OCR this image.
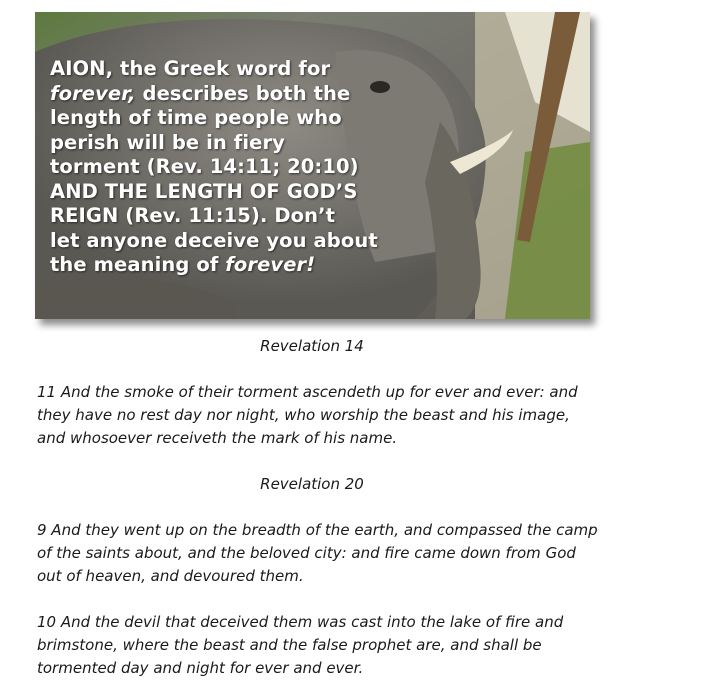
AION, the Greek word for
forever, describes both the
length of time people who
perish will be in fiery
torment (Rev. 14:11; 20:10)
AND THE LENGTH OF GOD’S
REIGN (Rev. 11:15). Don’t
let anyone deceive you about
the meaning of forever!
Revelation 14
11 And the smoke of their torment ascendeth up for ever and ever: and
they have no rest day nor night, who worship the beast and his image,
and whosoever receiveth the mark of his name.
Revelation 20
9 And they went up on the breadth of the earth, and compassed the camp
of the saints about, and the beloved city: and fire came down from God
out of heaven, and devoured them.
10 And the devil that deceived them was cast into the lake of fire and
brimstone, where the beast and the false prophet are, and shall be
tormented day and night for ever and ever.
